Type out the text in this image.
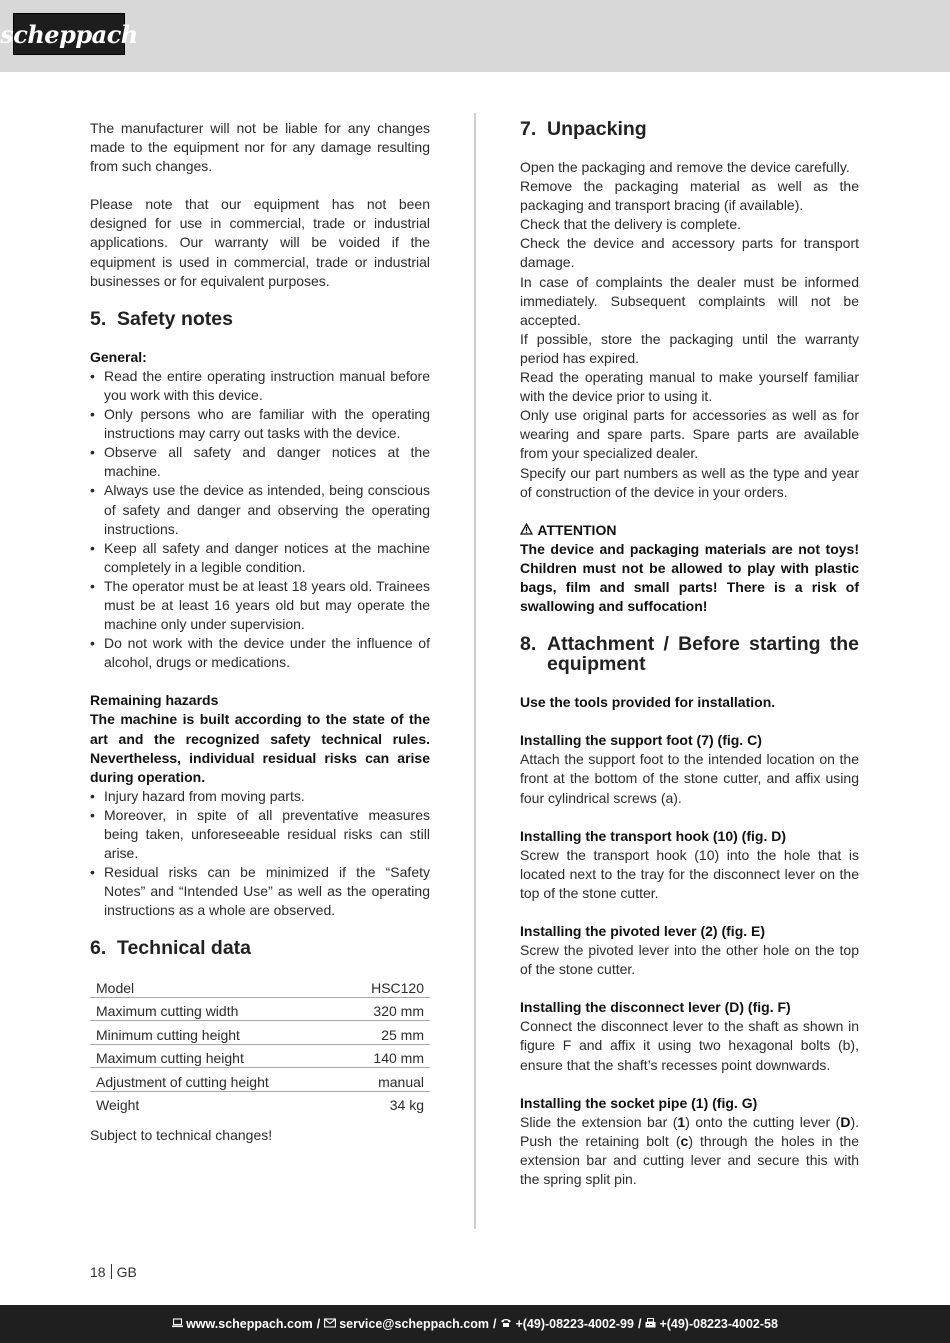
scheppach

The manufacturer will not be liable for any changes made to the equipment nor for any damage resulting from such changes.

Please note that our equipment has not been designed for use in commercial, trade or industrial applications. Our warranty will be voided if the equipment is used in commercial, trade or industrial businesses or for equivalent purposes.

5. Safety notes
General:
• Read the entire operating instruction manual before you work with this device.
• Only persons who are familiar with the operating instructions may carry out tasks with the device.
• Observe all safety and danger notices at the machine.
• Always use the device as intended, being conscious of safety and danger and observing the operating instructions.
• Keep all safety and danger notices at the machine completely in a legible condition.
• The operator must be at least 18 years old. Trainees must be at least 16 years old but may operate the machine only under supervision.
• Do not work with the device under the influence of alcohol, drugs or medications.
Remaining hazards

The machine is built according to the state of the art and the recognized safety technical rules. Nevertheless, individual residual risks can arise during operation.

• Injury hazard from moving parts.
• Moreover, in spite of all preventative measures being taken, unforeseeable residual risks can still arise.
• Residual risks can be minimized if the “Safety Notes” and “Intended Use” as well as the operating instructions as a whole are observed.
6. Technical data
Model	HSC120
Maximum cutting width	320 mm
Minimum cutting height	25 mm
Maximum cutting height	140 mm
Adjustment of cutting height	manual
Weight	34 kg

Subject to technical changes!

7. Unpacking

Open the packaging and remove the device carefully.

Remove the packaging material as well as the packaging and transport bracing (if available).

Check that the delivery is complete.

Check the device and accessory parts for transport damage.

In case of complaints the dealer must be informed immediately. Subsequent complaints will not be accepted.

If possible, store the packaging until the warranty period has expired.

Read the operating manual to make yourself familiar with the device prior to using it.

Only use original parts for accessories as well as for wearing and spare parts. Spare parts are available from your specialized dealer.

Specify our part numbers as well as the type and year of construction of the device in your orders.

ATTENTION

The device and packaging materials are not toys! Children must not be allowed to play with plastic bags, film and small parts! There is a risk of swallowing and suffocation!

8. Attachment / Before starting the equipment
Use the tools provided for installation.
Installing the support foot (7) (fig. C)

Attach the support foot to the intended location on the front at the bottom of the stone cutter, and affix using four cylindrical screws (a).

Installing the transport hook (10) (fig. D)

Screw the transport hook (10) into the hole that is located next to the tray for the disconnect lever on the top of the stone cutter.

Installing the pivoted lever (2) (fig. E)

Screw the pivoted lever into the other hole on the top of the stone cutter.

Installing the disconnect lever (D) (fig. F)

Connect the disconnect lever to the shaft as shown in figure F and affix it using two hexagonal bolts (b), ensure that the shaft’s recesses point downwards.

Installing the socket pipe (1) (fig. G)

Slide the extension bar (1) onto the cutting lever (D). Push the retaining bolt (c) through the holes in the extension bar and cutting lever and secure this with the spring split pin.

18 GB
www.scheppach.com / service@scheppach.com / +(49)-08223-4002-99 / +(49)-08223-4002-58
